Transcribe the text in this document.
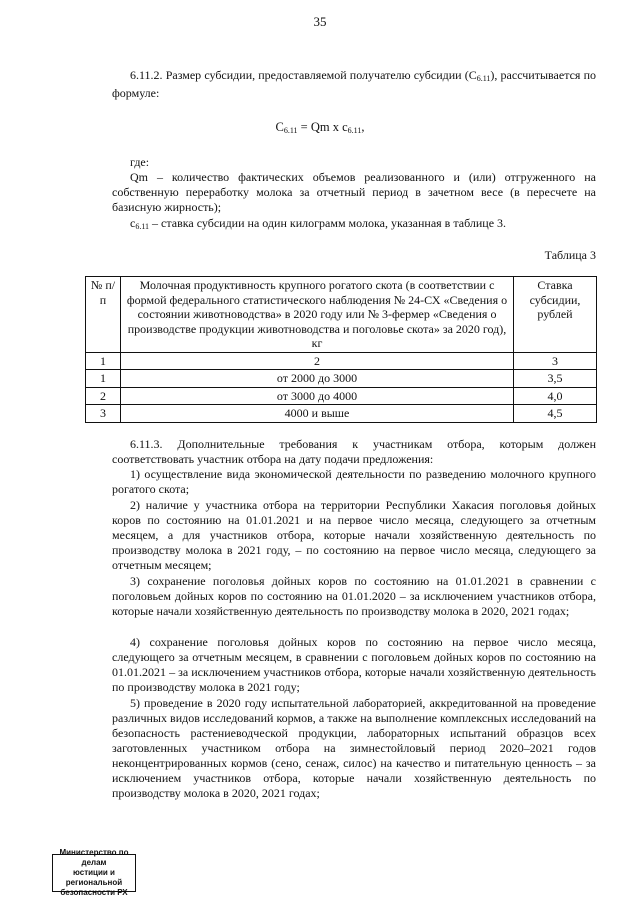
35
6.11.2. Размер субсидии, предоставляемой получателю субсидии $(C_{6.11})$, рассчитывается по формуле:
$C_{6.11} = Qm$ x $c_{6.11}$,
где:
Qm – количество фактических объемов реализованного и (или) отгруженного на собственную переработку молока за отчетный период в зачетном весе (в пересчете на базисную жирность);
$c_{6.11}$ – ставка субсидии на один килограмм молока, указанная в таблице 3.
Таблица 3
№ п/п	Молочная продуктивность крупного рогатого скота (в соответствии с формой федерального статистического наблюдения № 24-СХ «Сведения о состоянии животноводства» в 2020 году или № 3-фермер «Сведения о производстве продукции животноводства и поголовье скота» за 2020 год), кг	Ставка субсидии, рублей
1	2	3
1	от 2000 до 3000	3,5
2	от 3000 до 4000	4,0
3	4000 и выше	4,5
6.11.3. Дополнительные требования к участникам отбора, которым должен соответствовать участник отбора на дату подачи предложения:
1) осуществление вида экономической деятельности по разведению молочного крупного рогатого скота;
2) наличие у участника отбора на территории Республики Хакасия поголовья дойных коров по состоянию на 01.01.2021 и на первое число месяца, следующего за отчетным месяцем, а для участников отбора, которые начали хозяйственную деятельность по производству молока в 2021 году, – по состоянию на первое число месяца, следующего за отчетным месяцем;
3) сохранение поголовья дойных коров по состоянию на 01.01.2021 в сравнении с поголовьем дойных коров по состоянию на 01.01.2020 – за исключением участников отбора, которые начали хозяйственную деятельность по производству молока в 2020, 2021 годах;
4) сохранение поголовья дойных коров по состоянию на первое число месяца, следующего за отчетным месяцем, в сравнении с поголовьем дойных коров по состоянию на 01.01.2021 – за исключением участников отбора, которые начали хозяйственную деятельность по производству молока в 2021 году;
5) проведение в 2020 году испытательной лабораторией, аккредитованной на проведение различных видов исследований кормов, а также на выполнение комплексных исследований на безопасность растениеводческой продукции, лабораторных испытаний образцов всех заготовленных участником отбора на зимнестойловый период 2020–2021 годов неконцентрированных кормов (сено, сенаж, силос) на качество и питательную ценность – за исключением участников отбора, которые начали хозяйственную деятельность по производству молока в 2020, 2021 годах;
Министерство по делам
юстиции и региональной
безопасности РХ
